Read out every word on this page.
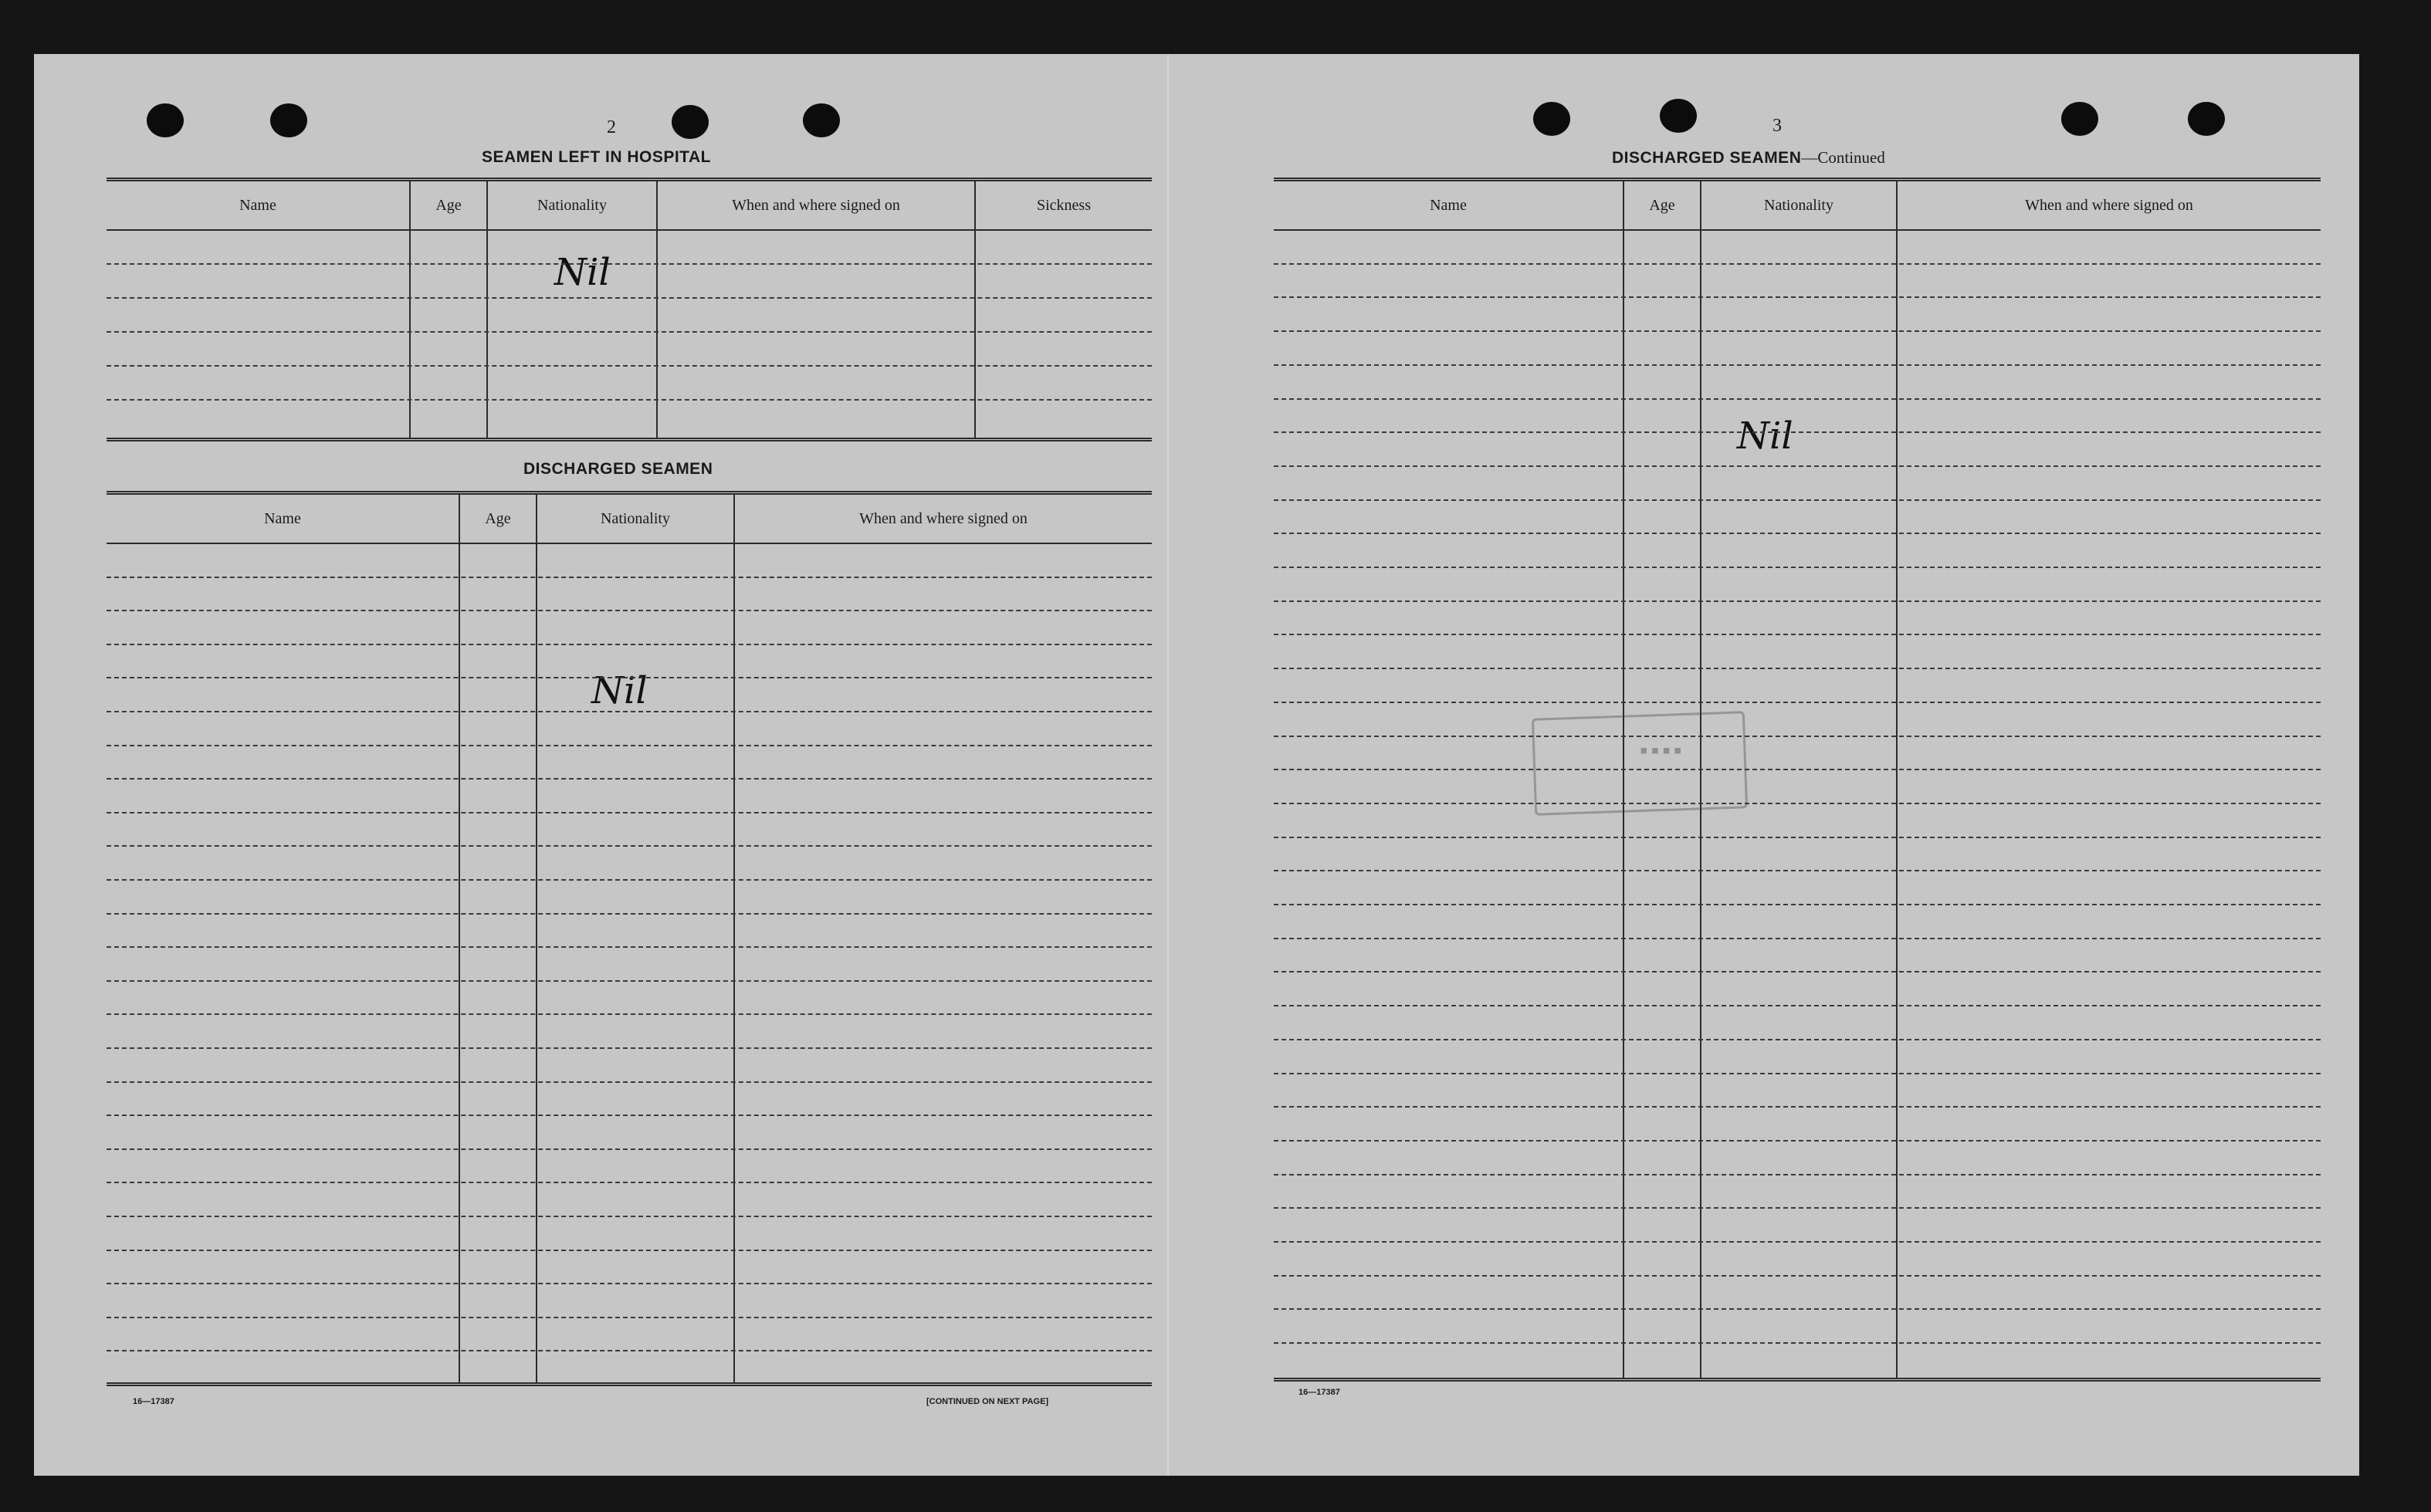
2
SEAMEN LEFT IN HOSPITAL
Name	Age	Nationality	When and where signed on	Sickness
Nil
DISCHARGED SEAMEN
Name	Age	Nationality	When and where signed on
Nil
16—17387	[CONTINUED ON NEXT PAGE]
3
DISCHARGED SEAMEN—Continued
Name	Age	Nationality	When and where signed on
Nil
▪▪▪▪
16—17387
